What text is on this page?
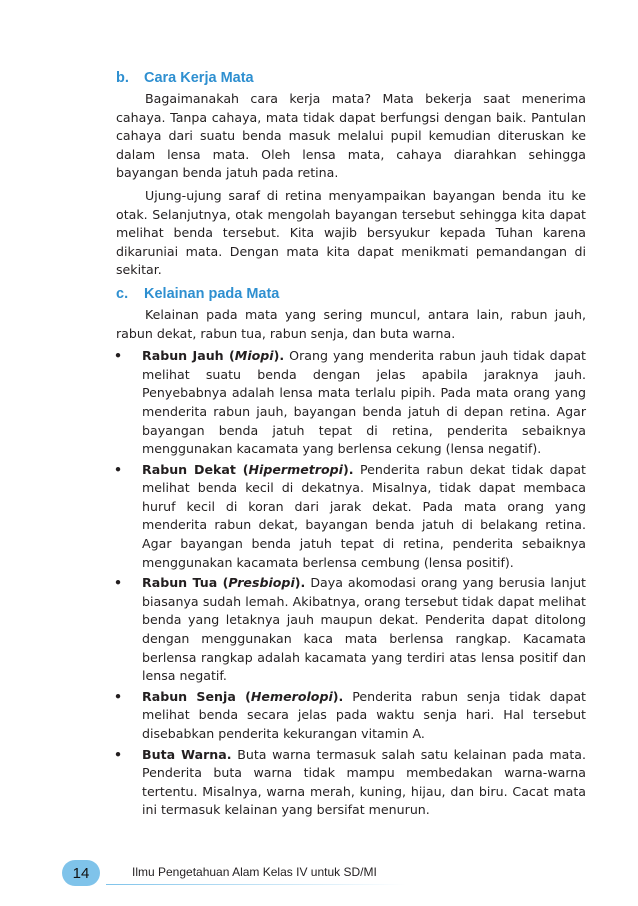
b.	Cara Kerja Mata

Bagaimanakah cara kerja mata? Mata bekerja saat menerima cahaya. Tanpa cahaya, mata tidak dapat berfungsi dengan baik. Pantulan cahaya dari suatu benda masuk melalui pupil kemudian diteruskan ke dalam lensa mata. Oleh lensa mata, cahaya diarahkan sehingga bayangan benda jatuh pada retina.

Ujung-ujung saraf di retina menyampaikan bayangan benda itu ke otak. Selanjutnya, otak mengolah bayangan tersebut sehingga kita dapat melihat benda tersebut. Kita wajib bersyukur kepada Tuhan karena dikaruniai mata. Dengan mata kita dapat menikmati pemandangan di sekitar.

c.	Kelainan pada Mata

Kelainan pada mata yang sering muncul, antara lain, rabun jauh, rabun dekat, rabun tua, rabun senja, dan buta warna.

•	Rabun Jauh (Miopi). Orang yang menderita rabun jauh tidak dapat melihat suatu benda dengan jelas apabila jaraknya jauh. Penyebabnya adalah lensa mata terlalu pipih. Pada mata orang yang menderita rabun jauh, bayangan benda jatuh di depan retina. Agar bayangan benda jatuh tepat di retina, penderita sebaiknya menggunakan kacamata yang berlensa cekung (lensa negatif).
•	Rabun Dekat (Hipermetropi). Penderita rabun dekat tidak dapat melihat benda kecil di dekatnya. Misalnya, tidak dapat membaca huruf kecil di koran dari jarak dekat. Pada mata orang yang menderita rabun dekat, bayangan benda jatuh di belakang retina. Agar bayangan benda jatuh tepat di retina, penderita sebaiknya menggunakan kacamata berlensa cembung (lensa positif).
•	Rabun Tua (Presbiopi). Daya akomodasi orang yang berusia lanjut biasanya sudah lemah. Akibatnya, orang tersebut tidak dapat melihat benda yang letaknya jauh maupun dekat. Penderita dapat ditolong dengan menggunakan kaca mata berlensa rangkap. Kacamata berlensa rangkap adalah kacamata yang terdiri atas lensa positif dan lensa negatif.
•	Rabun Senja (Hemerolopi). Penderita rabun senja tidak dapat melihat benda secara jelas pada waktu senja hari. Hal tersebut disebabkan penderita kekurangan vitamin A.
•	Buta Warna. Buta warna termasuk salah satu kelainan pada mata. Penderita buta warna tidak mampu membedakan warna-warna tertentu. Misalnya, warna merah, kuning, hijau, dan biru. Cacat mata ini termasuk kelainan yang bersifat menurun.
14	Ilmu Pengetahuan Alam Kelas IV untuk SD/MI
